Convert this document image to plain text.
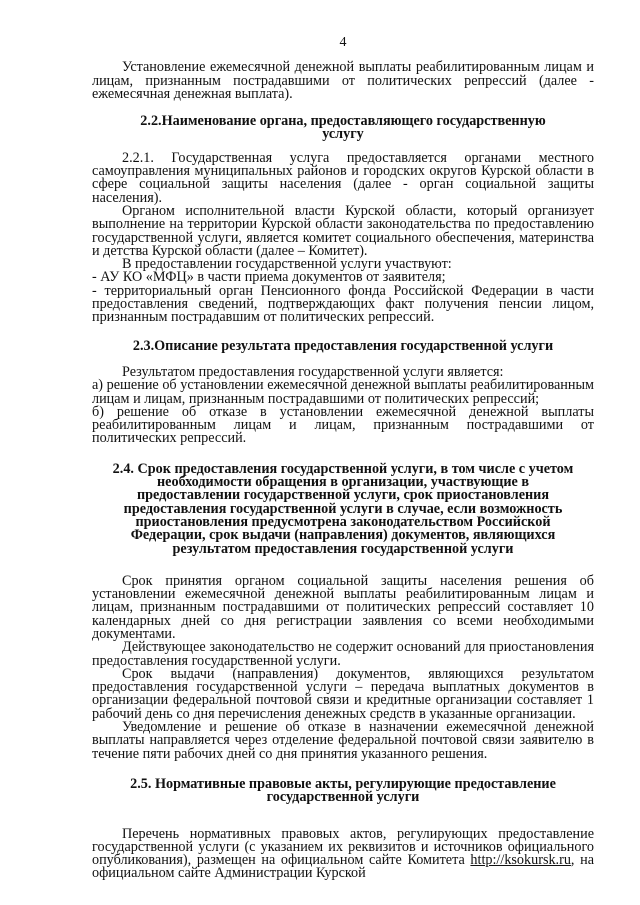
4

Установление ежемесячной денежной выплаты реабилитированным лицам и лицам, признанным пострадавшими от политических репрессий (далее - ежемесячная денежная выплата).

2.2.Наименование органа, предоставляющего государственную услугу

2.2.1. Государственная услуга предоставляется органами местного самоуправления муниципальных районов и городских округов Курской области в сфере социальной защиты населения (далее - орган социальной защиты населения).

Органом исполнительной власти Курской области, который организует выполнение на территории Курской области законодательства по предоставлению государственной услуги, является комитет социального обеспечения, материнства и детства Курской области (далее – Комитет).

В предоставлении государственной услуги участвуют:

- АУ КО «МФЦ» в части приема документов от заявителя;

- территориальный орган Пенсионного фонда Российской Федерации в части предоставления сведений, подтверждающих факт получения пенсии лицом, признанным пострадавшим от политических репрессий.

2.3.Описание результата предоставления государственной услуги

Результатом предоставления государственной услуги является:

а) решение об установлении ежемесячной денежной выплаты реабилитированным лицам и лицам, признанным пострадавшими от политических репрессий;

б) решение об отказе в установлении ежемесячной денежной выплаты реабилитированным лицам и лицам, признанным пострадавшими от политических репрессий.

2.4. Срок предоставления государственной услуги, в том числе с учетом необходимости обращения в организации, участвующие в предоставлении государственной услуги, срок приостановления предоставления государственной услуги в случае, если возможность приостановления предусмотрена законодательством Российской Федерации, срок выдачи (направления) документов, являющихся результатом предоставления государственной услуги

Срок принятия органом социальной защиты населения решения об установлении ежемесячной денежной выплаты реабилитированным лицам и лицам, признанным пострадавшими от политических репрессий составляет 10 календарных дней со дня регистрации заявления со всеми необходимыми документами.

Действующее законодательство не содержит оснований для приостановления предоставления государственной услуги.

Срок выдачи (направления) документов, являющихся результатом предоставления государственной услуги – передача выплатных документов в организации федеральной почтовой связи и кредитные организации составляет 1 рабочий день со дня перечисления денежных средств в указанные организации.

Уведомление и решение об отказе в назначении ежемесячной денежной выплаты направляется через отделение федеральной почтовой связи заявителю в течение пяти рабочих дней со дня принятия указанного решения.

2.5. Нормативные правовые акты, регулирующие предоставление государственной услуги

Перечень нормативных правовых актов, регулирующих предоставление государственной услуги (с указанием их реквизитов и источников официального опубликования), размещен на официальном сайте Комитета http://ksokursk.ru, на официальном сайте Администрации Курской
